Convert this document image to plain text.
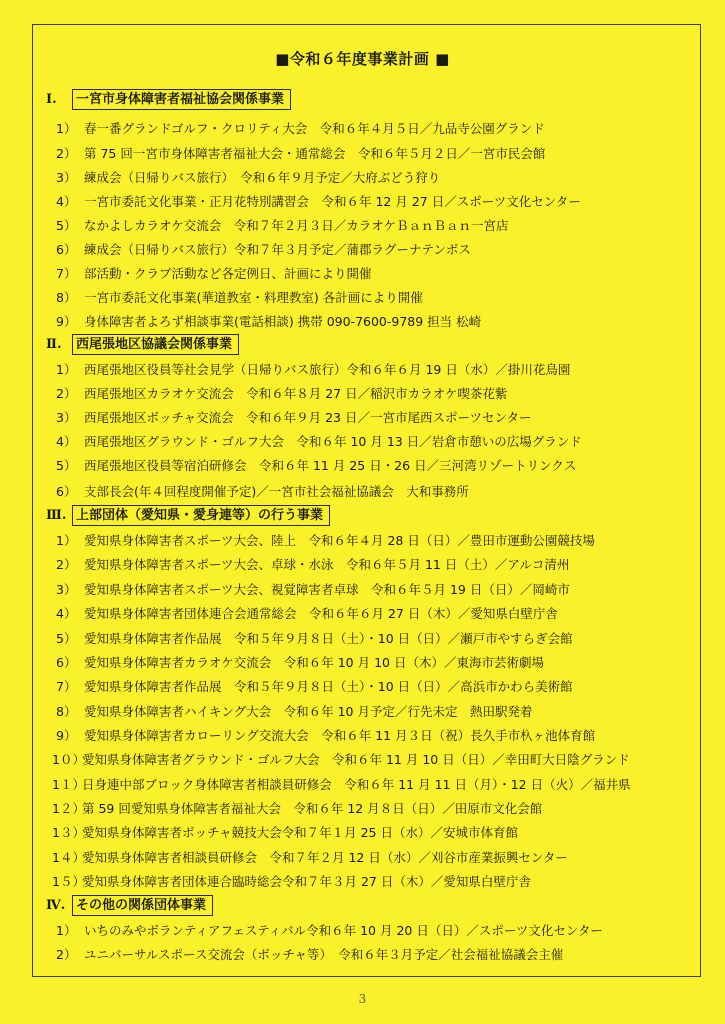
■令和６年度事業計画 ■
Ⅰ.	一宮市身体障害者福祉協会関係事業
1） 春一番グランドゴルフ・クロリティ大会　令和６年４月５日／九品寺公園グランド
2） 第 75 回一宮市身体障害者福祉大会・通常総会　令和６年５月２日／一宮市民会館
3） 練成会（日帰りバス旅行）　令和６年９月予定／大府ぶどう狩り
4） 一宮市委託文化事業・正月花特別講習会　令和６年 12 月 27 日／スポーツ文化センター
5） なかよしカラオケ交流会　令和７年２月３日／カラオケＢａｎＢａｎ一宮店
6） 練成会（日帰りバス旅行）令和７年３月予定／蒲郡ラグーナテンボス
7） 部活動・クラブ活動など各定例日、計画により開催
8） 一宮市委託文化事業(華道教室・料理教室) 各計画により開催
9） 身体障害者よろず相談事業(電話相談) 携帯 090-7600-9789 担当 松崎
Ⅱ.	西尾張地区協議会関係事業
1） 西尾張地区役員等社会見学（日帰りバス旅行）令和６年６月 19 日（水）／掛川花鳥園
2） 西尾張地区カラオケ交流会　令和６年８月 27 日／稲沢市カラオケ喫茶花紫
3） 西尾張地区ボッチャ交流会　令和６年９月 23 日／一宮市尾西スポーツセンター
4） 西尾張地区グラウンド・ゴルフ大会　令和６年 10 月 13 日／岩倉市憩いの広場グランド
5） 西尾張地区役員等宿泊研修会　令和６年 11 月 25 日・26 日／三河湾リゾートリンクス
6） 支部長会(年４回程度開催予定)／一宮市社会福祉協議会　大和事務所
Ⅲ. 上部団体（愛知県・愛身連等）の行う事業
1） 愛知県身体障害者スポーツ大会、陸上　令和６年４月 28 日（日）／豊田市運動公園競技場
2） 愛知県身体障害者スポーツ大会、卓球・水泳　令和６年５月 11 日（土）／アルコ清州
3） 愛知県身体障害者スポーツ大会、視覚障害者卓球　令和６年５月 19 日（日）／岡崎市
4） 愛知県身体障害者団体連合会通常総会　令和６年６月 27 日（木）／愛知県白壁庁舎
5） 愛知県身体障害者作品展　令和５年９月８日（土）・10 日（日）／瀬戸市やすらぎ会館
6） 愛知県身体障害者カラオケ交流会　令和６年 10 月 10 日（木）／東海市芸術劇場
7） 愛知県身体障害者作品展　令和５年９月８日（土）・10 日（日）／高浜市かわら美術館
8） 愛知県身体障害者ハイキング大会　令和６年 10 月予定／行先未定　熱田駅発着
9） 愛知県身体障害者カローリング交流大会　令和６年 11 月３日（祝）長久手市杁ヶ池体育館
1０）
愛知県身体障害者グラウンド・ゴルフ大会　令和６年 11 月 10 日（日）／幸田町大日陰グランド
1１）
日身連中部ブロック身体障害者相談員研修会　令和６年 11 月 11 日（月）・12 日（火）／福井県
1２）
第 59 回愛知県身体障害者福祉大会　令和６年 12 月８日（日）／田原市文化会館
1３）
愛知県身体障害者ボッチャ競技大会令和７年１月 25 日（水）／安城市体育館
1４）
愛知県身体障害者相談員研修会　令和７年２月 12 日（水）／刈谷市産業振興センター
1５）
愛知県身体障害者団体連合臨時総会令和７年３月 27 日（木）／愛知県白壁庁舎
Ⅳ. その他の関係団体事業
1） いちのみやボランティアフェスティバル令和６年 10 月 20 日（日）／スポーツ文化センター
2） ユニバーサルスポース交流会（ボッチャ等）　令和６年３月予定／社会福祉協議会主催
3
